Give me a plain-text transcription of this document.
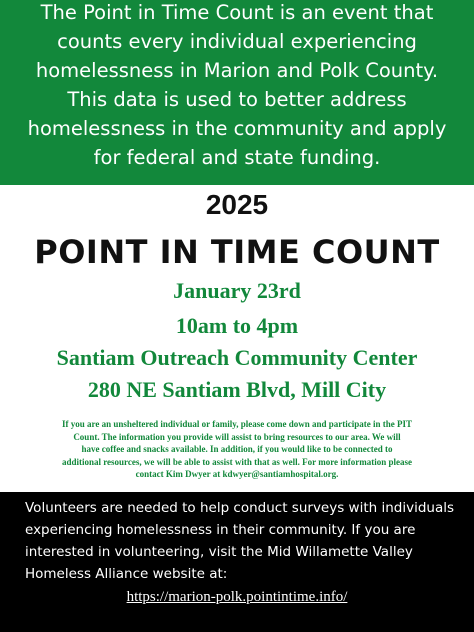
The Point in Time Count is an event that
counts every individual experiencing
homelessness in Marion and Polk County.
This data is used to better address
homelessness in the community and apply
for federal and state funding.
2025
POINT IN TIME COUNT
January 23rd
10am to 4pm
Santiam Outreach Community Center
280 NE Santiam Blvd, Mill City
If you are an unsheltered individual or family, please come down and participate in the PIT
Count. The information you provide will assist to bring resources to our area. We will
have coffee and snacks available. In addition, if you would like to be connected to
additional resources, we will be able to assist with that as well. For more information please
contact Kim Dwyer at kdwyer@santiamhospital.org.
Volunteers are needed to help conduct surveys with individuals
experiencing homelessness in their community. If you are
interested in volunteering, visit the Mid Willamette Valley
Homeless Alliance website at:
https://marion-polk.pointintime.info/
